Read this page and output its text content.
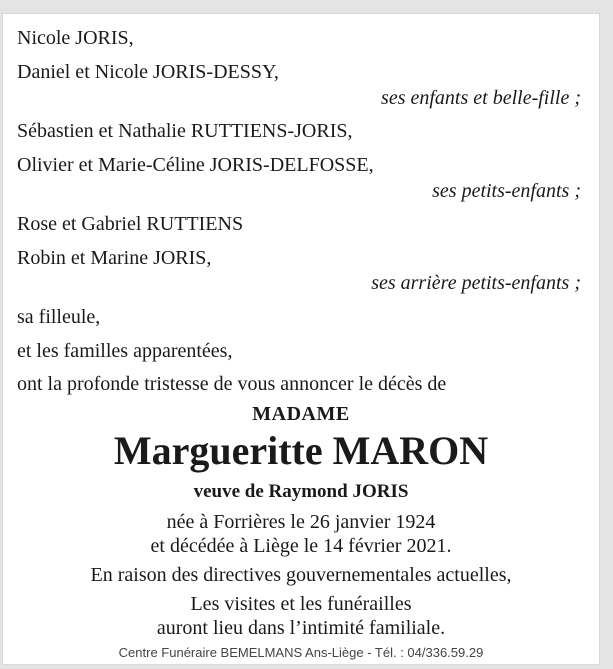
Nicole JORIS,
Daniel et Nicole JORIS-DESSY,
ses enfants et belle-fille ;
Sébastien et Nathalie RUTTIENS-JORIS,
Olivier et Marie-Céline JORIS-DELFOSSE,
ses petits-enfants ;
Rose et Gabriel RUTTIENS
Robin et Marine JORIS,
ses arrière petits-enfants ;
sa filleule,
et les familles apparentées,
ont la profonde tristesse de vous annoncer le décès de
MADAME
Margueritte MARON
veuve de Raymond JORIS
née à Forrières le 26 janvier 1924
et décédée à Liège le 14 février 2021.
En raison des directives gouvernementales actuelles,
Les visites et les funérailles
auront lieu dans l’intimité familiale.
Centre Funéraire BEMELMANS Ans-Liège - Tél. : 04/336.59.29
